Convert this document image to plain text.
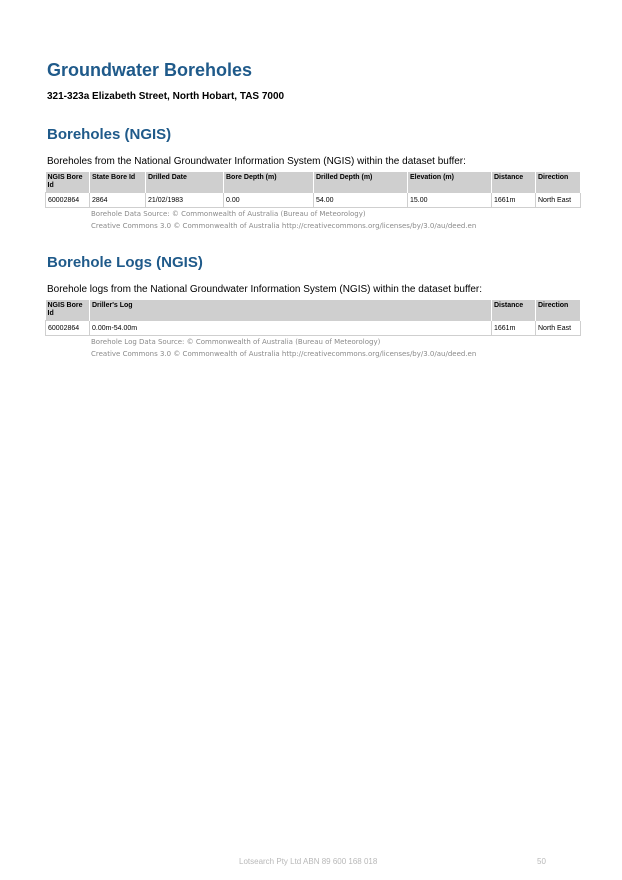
Groundwater Boreholes
321-323a Elizabeth Street, North Hobart, TAS 7000
Boreholes (NGIS)
Boreholes from the National Groundwater Information System (NGIS) within the dataset buffer:
NGIS Bore Id	State Bore Id	Drilled Date	Bore Depth (m)	Drilled Depth (m)	Elevation (m)	Distance	Direction
60002864	2864	21/02/1983	0.00	54.00	15.00	1661m	North East
Borehole Data Source: © Commonwealth of Australia (Bureau of Meteorology)
Creative Commons 3.0 © Commonwealth of Australia http://creativecommons.org/licenses/by/3.0/au/deed.en
Borehole Logs (NGIS)
Borehole logs from the National Groundwater Information System (NGIS) within the dataset buffer:
NGIS Bore Id	Driller's Log	Distance	Direction
60002864	0.00m-54.00m	1661m	North East
Borehole Log Data Source: © Commonwealth of Australia (Bureau of Meteorology)
Creative Commons 3.0 © Commonwealth of Australia http://creativecommons.org/licenses/by/3.0/au/deed.en
Lotsearch Pty Ltd ABN 89 600 168 018	50
